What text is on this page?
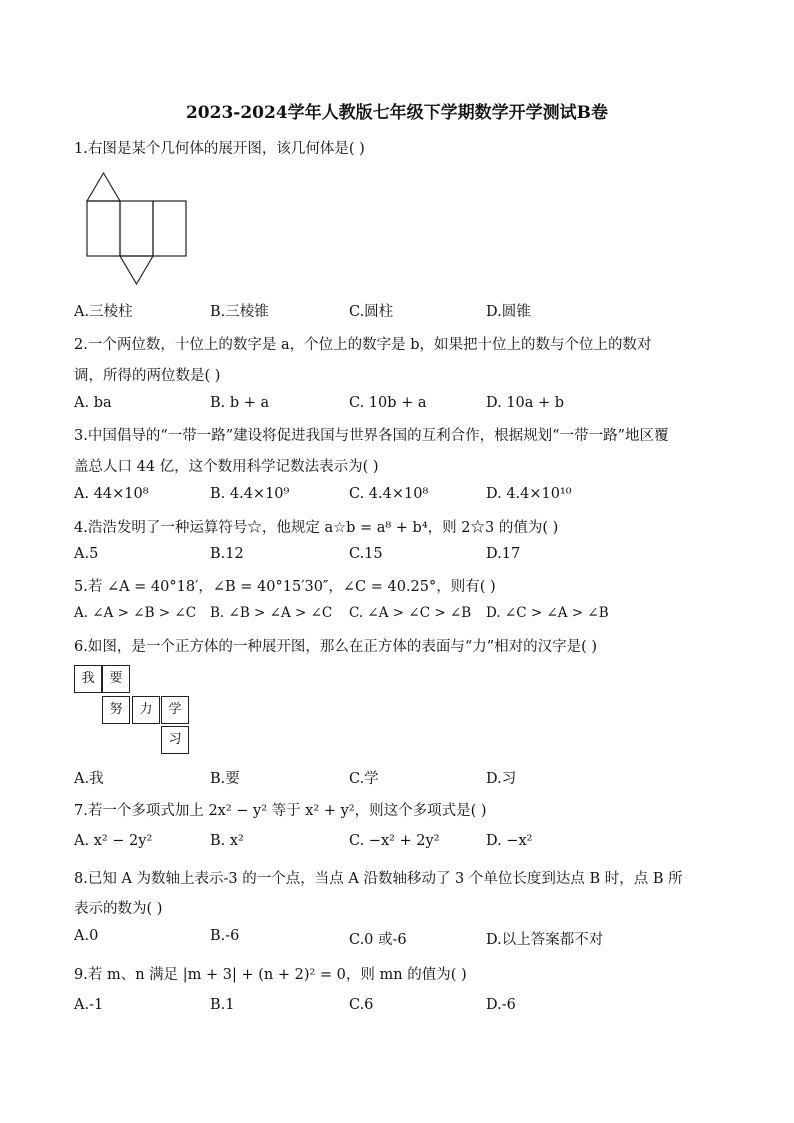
2023-2024学年人教版七年级下学期数学开学测试B卷
1.右图是某个几何体的展开图，该几何体是( )
A.三棱柱	B.三棱锥	C.圆柱	D.圆锥
2.一个两位数，十位上的数字是 a，个位上的数字是 b，如果把十位上的数与个位上的数对
调，所得的两位数是( )
A. ba	B. b + a	C. 10b + a	D. 10a + b
3.中国倡导的“一带一路”建设将促进我国与世界各国的互利合作，根据规划“一带一路”地区覆
盖总人口 44 亿，这个数用科学记数法表示为( )
A. 44×10⁸	B. 4.4×10⁹	C. 4.4×10⁸	D. 4.4×10¹⁰
4.浩浩发明了一种运算符号☆，他规定 a☆b = a⁸ + b⁴，则 2☆3 的值为( )
A.5	B.12	C.15	D.17
5.若 ∠A = 40°18′，∠B = 40°15′30″，∠C = 40.25°，则有( )
A. ∠A > ∠B > ∠C B. ∠B > ∠A > ∠C C. ∠A > ∠C > ∠B D. ∠C > ∠A > ∠B
6.如图，是一个正方体的一种展开图，那么在正方体的表面与“力”相对的汉字是( )
我	要
努	力	学
习
A.我	B.要	C.学	D.习
7.若一个多项式加上 2x² − y² 等于 x² + y²，则这个多项式是( )
A. x² − 2y²	B. x²	C. −x² + 2y²	D. −x²
8.已知 A 为数轴上表示-3 的一个点，当点 A 沿数轴移动了 3 个单位长度到达点 B 时，点 B 所
表示的数为( )
A.0	B.-6	C.0 或-6	D.以上答案都不对
9.若 m、n 满足 |m + 3| + (n + 2)² = 0，则 mn 的值为( )
A.-1	B.1	C.6	D.-6
